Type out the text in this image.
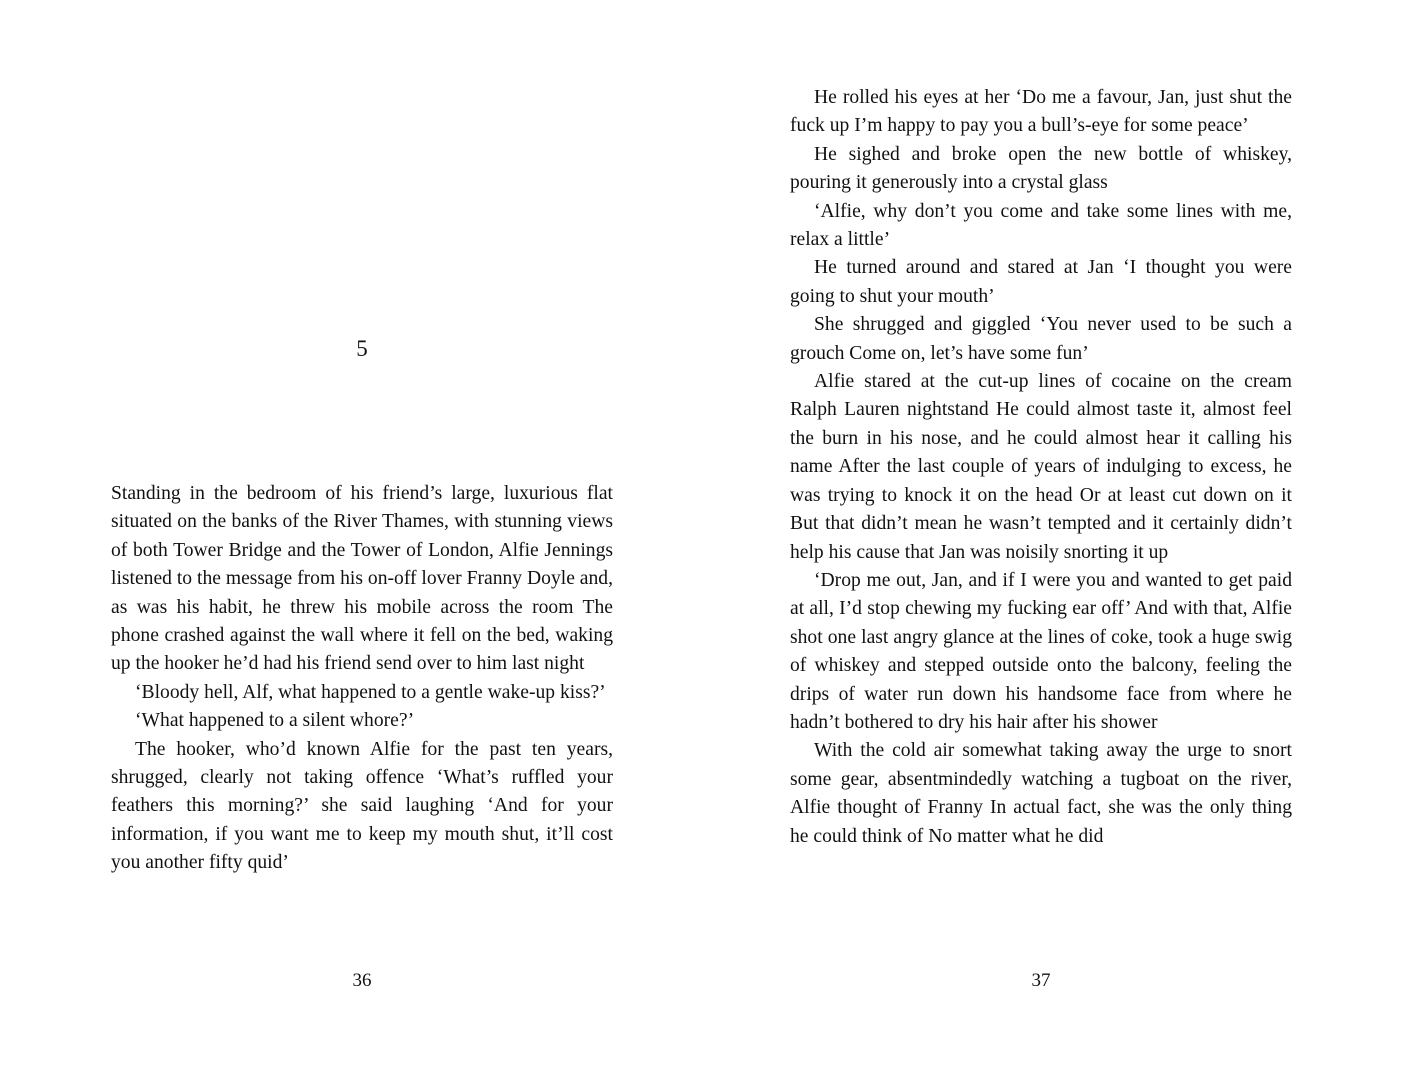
5

Standing in the bedroom of his friend’s large, luxurious flat situated on the banks of the River Thames, with stunning views of both Tower Bridge and the Tower of London, Alfie Jennings listened to the message from his on-off lover Franny Doyle and, as was his habit, he threw his mobile across the room The phone crashed against the wall where it fell on the bed, waking up the hooker he’d had his friend send over to him last night

‘Bloody hell, Alf, what happened to a gentle wake-up kiss?’

‘What happened to a silent whore?’

The hooker, who’d known Alfie for the past ten years, shrugged, clearly not taking offence ‘What’s ruffled your feathers this morning?’ she said laughing ‘And for your information, if you want me to keep my mouth shut, it’ll cost you another fifty quid’

36

He rolled his eyes at her ‘Do me a favour, Jan, just shut the fuck up I’m happy to pay you a bull’s-eye for some peace’

He sighed and broke open the new bottle of whiskey, pouring it generously into a crystal glass

‘Alfie, why don’t you come and take some lines with me, relax a little’

He turned around and stared at Jan ‘I thought you were going to shut your mouth’

She shrugged and giggled ‘You never used to be such a grouch Come on, let’s have some fun’

Alfie stared at the cut-up lines of cocaine on the cream Ralph Lauren nightstand He could almost taste it, almost feel the burn in his nose, and he could almost hear it calling his name After the last couple of years of indulging to excess, he was trying to knock it on the head Or at least cut down on it But that didn’t mean he wasn’t tempted and it certainly didn’t help his cause that Jan was noisily snorting it up

‘Drop me out, Jan, and if I were you and wanted to get paid at all, I’d stop chewing my fucking ear off’ And with that, Alfie shot one last angry glance at the lines of coke, took a huge swig of whiskey and stepped outside onto the balcony, feeling the drips of water run down his handsome face from where he hadn’t bothered to dry his hair after his shower

With the cold air somewhat taking away the urge to snort some gear, absentmindedly watching a tugboat on the river, Alfie thought of Franny In actual fact, she was the only thing he could think of No matter what he did

37
